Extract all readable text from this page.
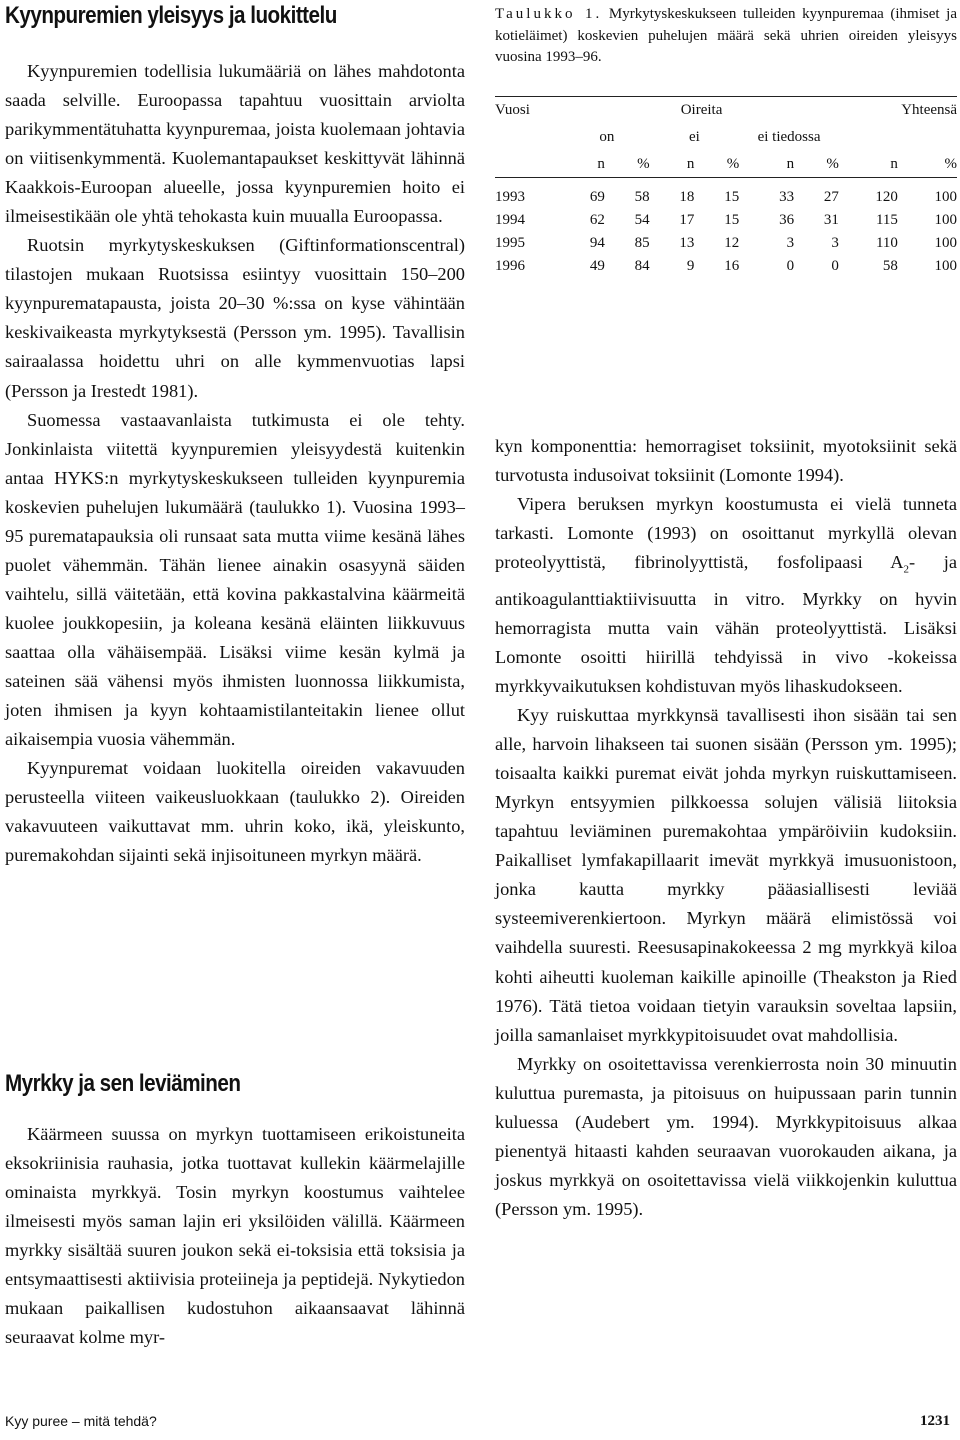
Kyynpuremien yleisyys ja luokittelu

Kyynpuremien todellisia lukumääriä on lähes mahdotonta saada selville. Euroopassa tapahtuu vuosittain arviolta parikymmentätuhatta kyynpuremaa, joista kuolemaan johtavia on viitisenkymmentä. Kuolemantapaukset keskittyvät lähinnä Kaakkois-Euroopan alueelle, jossa kyynpuremien hoito ei ilmeisestikään ole yhtä tehokasta kuin muualla Euroopassa.

Ruotsin myrkytyskeskuksen (Giftinformationscentral) tilastojen mukaan Ruotsissa esiintyy vuosittain 150–200 kyynpurematapausta, joista 20–30 %:ssa on kyse vähintään keskivaikeasta myrkytyksestä (Persson ym. 1995). Tavallisin sairaalassa hoidettu uhri on alle kymmenvuotias lapsi (Persson ja Irestedt 1981).

Suomessa vastaavanlaista tutkimusta ei ole tehty. Jonkinlaista viitettä kyynpuremien yleisyydestä kuitenkin antaa HYKS:n myrkytyskeskukseen tulleiden kyynpuremia koskevien puhelujen lukumäärä (taulukko 1). Vuosina 1993–95 purematapauksia oli runsaat sata mutta viime kesänä lähes puolet vähemmän. Tähän lienee ainakin osasyynä säiden vaihtelu, sillä väitetään, että kovina pakkastalvina käärmeitä kuolee joukkopesiin, ja koleana kesänä eläinten liikkuvuus saattaa olla vähäisempää. Lisäksi viime kesän kylmä ja sateinen sää vähensi myös ihmisten luonnossa liikkumista, joten ihmisen ja kyyn kohtaamistilanteitakin lienee ollut aikaisempia vuosia vähemmän.

Kyynpuremat voidaan luokitella oireiden vakavuuden perusteella viiteen vaikeusluokkaan (taulukko 2). Oireiden vakavuuteen vaikuttavat mm. uhrin koko, ikä, yleiskunto, puremakohdan sijainti sekä injisoituneen myrkyn määrä.

Myrkky ja sen leviäminen

Käärmeen suussa on myrkyn tuottamiseen erikoistuneita eksokriinisia rauhasia, jotka tuottavat kullekin käärmelajille ominaista myrkkyä. Tosin myrkyn koostumus vaihtelee ilmeisesti myös saman lajin eri yksilöiden välillä. Käärmeen myrkky sisältää suuren joukon sekä ei-toksisia että toksisia ja entsymaattisesti aktiivisia proteiineja ja peptidejä. Nykytiedon mukaan paikallisen kudostuhon aikaansaavat lähinnä seuraavat kolme myr-

Taulukko 1. Myrkytyskeskukseen tulleiden kyynpuremaa (ihmiset ja kotieläimet) koskevien puhelujen määrä sekä uhrien oireiden yleisyys vuosina 1993–96.

Vuosi	Oireita						Yhteensä	
	on		ei		ei tiedossa			
	n	%	n	%	n	%	n	%

1993	69	58	18	15	33	27	120	100
1994	62	54	17	15	36	31	115	100
1995	94	85	13	12	3	3	110	100
1996	49	84	9	16	0	0	58	100

kyn komponenttia: hemorragiset toksiinit, myotoksiinit sekä turvotusta indusoivat toksiinit (Lomonte 1994).

Vipera beruksen myrkyn koostumusta ei vielä tunneta tarkasti. Lomonte (1993) on osoittanut myrkyllä olevan proteolyyttistä, fibrinolyyttistä, fosfolipaasi $A_2-$ ja antikoagulanttiaktiivisuutta in vitro. Myrkky on hyvin hemorragista mutta vain vähän proteolyyttistä. Lisäksi Lomonte osoitti hiirillä tehdyissä in vivo -kokeissa myrkkyvaikutuksen kohdistuvan myös lihaskudokseen.

Kyy ruiskuttaa myrkkynsä tavallisesti ihon sisään tai sen alle, harvoin lihakseen tai suonen sisään (Persson ym. 1995); toisaalta kaikki puremat eivät johda myrkyn ruiskuttamiseen. Myrkyn entsyymien pilkkoessa solujen välisiä liitoksia tapahtuu leviäminen puremakohtaa ympäröiviin kudoksiin. Paikalliset lymfakapillaarit imevät myrkkyä imusuonistoon, jonka kautta myrkky pääasiallisesti leviää systeemiverenkiertoon. Myrkyn määrä elimistössä voi vaihdella suuresti. Reesusapinakokeessa 2 mg myrkkyä kiloa kohti aiheutti kuoleman kaikille apinoille (Theakston ja Ried 1976). Tätä tietoa voidaan tietyin varauksin soveltaa lapsiin, joilla samanlaiset myrkkypitoisuudet ovat mahdollisia.

Myrkky on osoitettavissa verenkierrosta noin 30 minuutin kuluttua puremasta, ja pitoisuus on huipussaan parin tunnin kuluessa (Audebert ym. 1994). Myrkkypitoisuus alkaa pienentyä hitaasti kahden seuraavan vuorokauden aikana, ja joskus myrkkyä on osoitettavissa vielä viikkojenkin kuluttua (Persson ym. 1995).

Kyy puree – mitä tehdä?	1231
